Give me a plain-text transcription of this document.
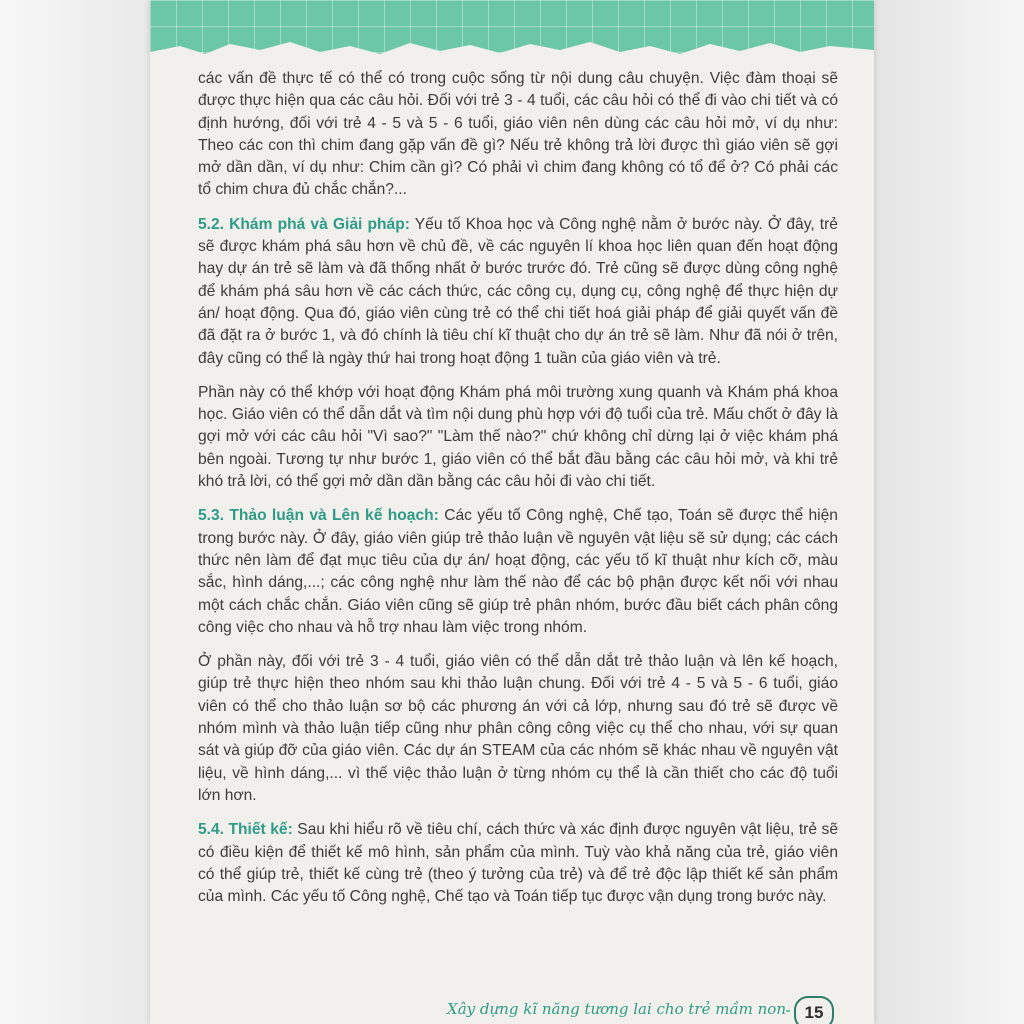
các vấn đề thực tế có thể có trong cuộc sống từ nội dung câu chuyện. Việc đàm thoại sẽ được thực hiện qua các câu hỏi. Đối với trẻ 3 - 4 tuổi, các câu hỏi có thể đi vào chi tiết và có định hướng, đối với trẻ 4 - 5 và 5 - 6 tuổi, giáo viên nên dùng các câu hỏi mở, ví dụ như: Theo các con thì chim đang gặp vấn đề gì? Nếu trẻ không trả lời được thì giáo viên sẽ gợi mở dần dần, ví dụ như: Chim cần gì? Có phải vì chim đang không có tổ để ở? Có phải các tổ chim chưa đủ chắc chắn?...

5.2. Khám phá và Giải pháp: Yếu tố Khoa học và Công nghệ nằm ở bước này. Ở đây, trẻ sẽ được khám phá sâu hơn về chủ đề, về các nguyên lí khoa học liên quan đến hoạt động hay dự án trẻ sẽ làm và đã thống nhất ở bước trước đó. Trẻ cũng sẽ được dùng công nghệ để khám phá sâu hơn về các cách thức, các công cụ, dụng cụ, công nghệ để thực hiện dự án/ hoạt động. Qua đó, giáo viên cùng trẻ có thể chi tiết hoá giải pháp để giải quyết vấn đề đã đặt ra ở bước 1, và đó chính là tiêu chí kĩ thuật cho dự án trẻ sẽ làm. Như đã nói ở trên, đây cũng có thể là ngày thứ hai trong hoạt động 1 tuần của giáo viên và trẻ.

Phần này có thể khớp với hoạt động Khám phá môi trường xung quanh và Khám phá khoa học. Giáo viên có thể dẫn dắt và tìm nội dung phù hợp với độ tuổi của trẻ. Mấu chốt ở đây là gợi mở với các câu hỏi "Vì sao?" "Làm thế nào?" chứ không chỉ dừng lại ở việc khám phá bên ngoài. Tương tự như bước 1, giáo viên có thể bắt đầu bằng các câu hỏi mở, và khi trẻ khó trả lời, có thể gợi mở dần dần bằng các câu hỏi đi vào chi tiết.

5.3. Thảo luận và Lên kế hoạch: Các yếu tố Công nghệ, Chế tạo, Toán sẽ được thể hiện trong bước này. Ở đây, giáo viên giúp trẻ thảo luận về nguyên vật liệu sẽ sử dụng; các cách thức nên làm để đạt mục tiêu của dự án/ hoạt động, các yếu tố kĩ thuật như kích cỡ, màu sắc, hình dáng,...; các công nghệ như làm thế nào để các bộ phận được kết nối với nhau một cách chắc chắn. Giáo viên cũng sẽ giúp trẻ phân nhóm, bước đầu biết cách phân công công việc cho nhau và hỗ trợ nhau làm việc trong nhóm.

Ở phần này, đối với trẻ 3 - 4 tuổi, giáo viên có thể dẫn dắt trẻ thảo luận và lên kế hoạch, giúp trẻ thực hiện theo nhóm sau khi thảo luận chung. Đối với trẻ 4 - 5 và 5 - 6 tuổi, giáo viên có thể cho thảo luận sơ bộ các phương án với cả lớp, nhưng sau đó trẻ sẽ được về nhóm mình và thảo luận tiếp cũng như phân công công việc cụ thể cho nhau, với sự quan sát và giúp đỡ của giáo viên. Các dự án STEAM của các nhóm sẽ khác nhau về nguyên vật liệu, về hình dáng,... vì thế việc thảo luận ở từng nhóm cụ thể là cần thiết cho các độ tuổi lớn hơn.

5.4. Thiết kế: Sau khi hiểu rõ về tiêu chí, cách thức và xác định được nguyên vật liệu, trẻ sẽ có điều kiện để thiết kế mô hình, sản phẩm của mình. Tuỳ vào khả năng của trẻ, giáo viên có thể giúp trẻ, thiết kế cùng trẻ (theo ý tưởng của trẻ) và để trẻ độc lập thiết kế sản phẩm của mình. Các yếu tố Công nghệ, Chế tạo và Toán tiếp tục được vận dụng trong bước này.

Xây dựng kĩ năng tương lai cho trẻ mầm non	15
